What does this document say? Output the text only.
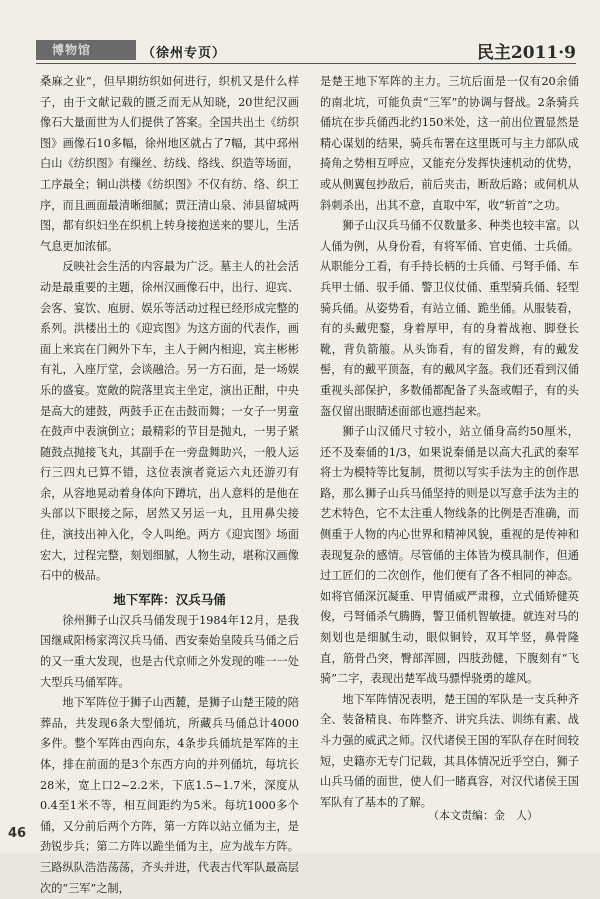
博物馆	（徐州专页）	民主2011·9

桑麻之业”，但早期纺织如何进行，织机又是什么样子，由于文献记载的匮乏而无从知晓，20世纪汉画像石大量面世为人们提供了答案。全国共出土《纺织图》画像石10多幅，徐州地区就占了7幅，其中邳州白山《纺织图》有缫丝、纺线、络线、织造等场面，工序最全；铜山洪楼《纺织图》不仅有纺、络、织工序，而且画面最清晰细腻；贾汪清山泉、沛县留城两图，都有织妇坐在织机上转身接抱送来的婴儿，生活气息更加浓郁。

反映社会生活的内容最为广泛。墓主人的社会活动是最重要的主题，徐州汉画像石中，出行、迎宾、会客、宴饮、庖厨、娱乐等活动过程已经形成完整的系列。洪楼出土的《迎宾图》为这方面的代表作，画面上来宾在门阙外下车，主人于阙内相迎，宾主彬彬有礼，入座厅堂，会谈融洽。另一方石面，是一场娱乐的盛宴。宽敞的院落里宾主坐定，演出正酣，中央是高大的建鼓，两鼓手正在击鼓而舞；一女子一男童在鼓声中表演倒立；最精彩的节目是抛丸，一男子紧随鼓点抛接飞丸，其副手在一旁盘舞助兴，一般人运行三四丸已算不错，这位表演者竟运六丸还游刃有余，从容地晃动着身体向下蹲坑，出人意料的是他在头部以下眼接之际，居然又另运一丸，且用鼻尖接住，演技出神入化，令人叫绝。两方《迎宾图》场面宏大，过程完整，刻划细腻，人物生动，堪称汉画像石中的极品。

地下军阵：汉兵马俑

徐州狮子山汉兵马俑发现于1984年12月，是我国继咸阳杨家湾汉兵马俑、西安秦始皇陵兵马俑之后的又一重大发现，也是古代京师之外发现的唯一一处大型兵马俑军阵。

地下军阵位于狮子山西麓，是狮子山楚王陵的陪葬品，共发现6条大型俑坑，所藏兵马俑总计4000多件。整个军阵由西向东，4条步兵俑坑是军阵的主体，排在前面的是3个东西方向的并列俑坑，每坑长28米，宽上口2~2.2米，下底1.5~1.7米，深度从0.4至1米不等，相互间距约为5米。每坑1000多个俑，又分前后两个方阵，第一方阵以站立俑为主，是劲锐步兵；第二方阵以跪坐俑为主，应为战车方阵。三路纵队浩浩荡荡，齐头并进，代表古代军队最高层次的“三军”之制，

是楚王地下军阵的主力。三坑后面是一仅有20余俑的南北坑，可能负责“三军”的协调与督战。2条骑兵俑坑在步兵俑西北约150米处，这一前出位置显然是精心谋划的结果，骑兵布署在这里既可与主力部队成掎角之势相互呼应，又能充分发挥快速机动的优势，或从侧翼包抄敌后，前后夹击，断敌后路；或伺机从斜刺杀出，出其不意，直取中军，收“斩首”之功。

狮子山汉兵马俑不仅数量多、种类也较丰富。以人俑为例，从身份看，有将军俑、官吏俑、士兵俑。从职能分工看，有手持长柄的士兵俑、弓弩手俑、车兵甲士俑、驭手俑、警卫仪仗俑、重型骑兵俑、轻型骑兵俑。从姿势看，有站立俑、跪坐俑。从服装看，有的头戴兜鍪，身着厚甲，有的身着战袍、脚登长靴，背负箭箙。从头饰看，有的留发辫，有的戴发髻，有的戴平顶盔，有的戴风字盔。我们还看到汉俑重视头部保护，多数俑都配备了头盔或帽子，有的头盔仅留出眼睛述面部也遮挡起来。

狮子山汉俑尺寸较小，站立俑身高约50厘米，还不及秦俑的1/3，如果说秦俑是以高大孔武的秦军将士为模特等比复制，贯彻以写实手法为主的创作思路，那么狮子山兵马俑坚持的则是以写意手法为主的艺术特色，它不太注重人物线条的比例是否准确，而侧重于人物的内心世界和精神风貌，重视的是传神和表现复杂的感情。尽管俑的主体皆为模具制作，但通过工匠们的二次创作，他们便有了各不相同的神态。如将官俑深沉凝重、甲胄俑威严肃穆，立式俑矫健英俊，弓弩俑杀气腾腾，警卫俑机智敏捷。就连对马的刻划也是细腻生动，眼似铜铃，双耳竿竖，鼻骨隆直，筋骨凸突，臀部浑圆，四肢劲健，下腹刻有“飞骑”二字，表现出楚军战马骠悍骁勇的雄风。

地下军阵情况表明，楚王国的军队是一支兵种齐全、装备精良、布阵整齐、讲究兵法、训练有素、战斗力强的威武之师。汉代诸侯王国的军队存在时间较短，史籍亦无专门记载，其具体情况近乎空白，狮子山兵马俑的面世，使人们一睹真容，对汉代诸侯王国军队有了基本的了解。

（本文责编：金　人）
46
